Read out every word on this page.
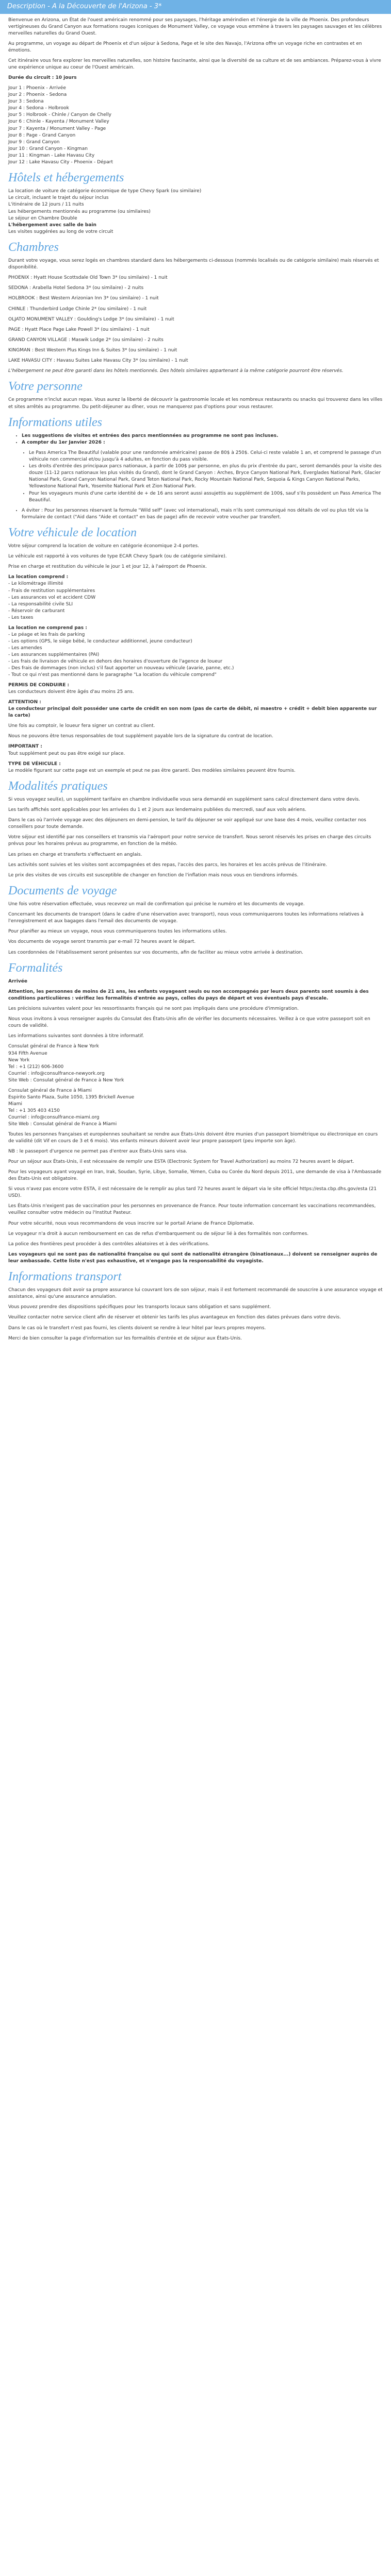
Description - A la Découverte de l'Arizona - 3*

Bienvenue en Arizona, un État de l'ouest américain renommé pour ses paysages, l'héritage amérindien et l'énergie de la ville de Phoenix. Des profondeurs vertigineuses du Grand Canyon aux formations rouges iconiques de Monument Valley, ce voyage vous emmène à travers les paysages sauvages et les célèbres merveilles naturelles du Grand Ouest.

Au programme, un voyage au départ de Phoenix et d'un séjour à Sedona, Page et le site des Navajo, l'Arizona offre un voyage riche en contrastes et en émotions.

Cet itinéraire vous fera explorer les merveilles naturelles, son histoire fascinante, ainsi que la diversité de sa culture et de ses ambiances. Préparez-vous à vivre une expérience unique au coeur de l'Ouest américain.

Durée du circuit : 10 jours

Jour 1 : Phoenix - Arrivée
Jour 2 : Phoenix - Sedona
Jour 3 : Sedona
Jour 4 : Sedona - Holbrook
Jour 5 : Holbrook - Chinle / Canyon de Chelly
Jour 6 : Chinle - Kayenta / Monument Valley
Jour 7 : Kayenta / Monument Valley - Page
Jour 8 : Page - Grand Canyon
Jour 9 : Grand Canyon
Jour 10 : Grand Canyon - Kingman
Jour 11 : Kingman - Lake Havasu City
Jour 12 : Lake Havasu City - Phoenix - Départ
Hôtels et hébergements
La location de voiture de catégorie économique de type Chevy Spark (ou similaire)
Le circuit, incluant le trajet du séjour inclus
L'itinéraire de 12 jours / 11 nuits
Les hébergements mentionnés au programme (ou similaires)
Le séjour en Chambre Double
L'hébergement avec salle de bain
Les visites suggérées au long de votre circuit
Chambres

Durant votre voyage, vous serez logés en chambres standard dans les hébergements ci-dessous (nommés localisés ou de catégorie similaire) mais réservés et disponibilité.

PHOENIX : Hyatt House Scottsdale Old Town 3* (ou similaire) - 1 nuit

SEDONA : Arabella Hotel Sedona 3* (ou similaire) - 2 nuits

HOLBROOK : Best Western Arizonian Inn 3* (ou similaire) - 1 nuit

CHINLE : Thunderbird Lodge Chinle 2* (ou similaire) - 1 nuit

OLJATO MONUMENT VALLEY : Goulding's Lodge 3* (ou similaire) - 1 nuit

PAGE : Hyatt Place Page Lake Powell 3* (ou similaire) - 1 nuit

GRAND CANYON VILLAGE : Maswik Lodge 2* (ou similaire) - 2 nuits

KINGMAN : Best Western Plus Kings Inn & Suites 3* (ou similaire) - 1 nuit

LAKE HAVASU CITY : Havasu Suites Lake Havasu City 3* (ou similaire) - 1 nuit

L'hébergement ne peut être garanti dans les hôtels mentionnés. Des hôtels similaires appartenant à la même catégorie pourront être réservés.

Votre personne

Ce programme n'inclut aucun repas. Vous aurez la liberté de découvrir la gastronomie locale et les nombreux restaurants ou snacks qui trouverez dans les villes et sites arrêtés au programme. Du petit-déjeuner au dîner, vous ne manquerez pas d'options pour vous restaurer.

Informations utiles
• Les suggestions de visites et entrées des parcs mentionnées au programme ne sont pas incluses.
• A compter du 1er Janvier 2026 :
• Le Pass America The Beautiful (valable pour une randonnée américaine) passe de 80$ à 250$. Celui-ci reste valable 1 an, et comprend le passage d'un véhicule non commercial et/ou jusqu'à 4 adultes, en fonction du pass visible.
• Les droits d'entrée des principaux parcs nationaux, à partir de 100$ par personne, en plus du prix d'entrée du parc, seront demandés pour la visite des douze (11-12 parcs nationaux les plus visités du Grand), dont le Grand Canyon : Arches, Bryce Canyon National Park, Everglades National Park, Glacier National Park, Grand Canyon National Park, Grand Teton National Park, Rocky Mountain National Park, Sequoia & Kings Canyon National Parks, Yellowstone National Park, Yosemite National Park et Zion National Park.
• Pour les voyageurs munis d'une carte identité de + de 16 ans seront aussi assujettis au supplément de 100$, sauf s'ils possèdent un Pass America The Beautiful.
• A éviter : Pour les personnes réservant la formule "Wild self" (avec vol international), mais n'ils sont communiqué nos détails de vol ou plus tôt via la formulaire de contact ("Aid dans "Aide et contact" en bas de page) afin de recevoir votre voucher par transfert.
Votre véhicule de location

Votre séjour comprend la location de voiture en catégorie économique 2-4 portes.

Le véhicule est rapporté à vos voitures de type ECAR Chevy Spark (ou de catégorie similaire).

Prise en charge et restitution du véhicule le jour 1 et jour 12, à l'aéroport de Phoenix.

La location comprend :
- Le kilométrage illimité
- Frais de restitution supplémentaires
- Les assurances vol et accident CDW
- La responsabilité civile SLI
- Réservoir de carburant
- Les taxes
La location ne comprend pas :
- Le péage et les frais de parking
- Les options (GPS, le siège bébé, le conducteur additionnel, jeune conducteur)
- Les amendes
- Les assurances supplémentaires (PAI)
- Les frais de livraison de véhicule en dehors des horaires d'ouverture de l'agence de loueur
- Des frais de dommages (non inclus) s'il faut apporter un nouveau véhicule (avarie, panne, etc.)
- Tout ce qui n'est pas mentionné dans le paragraphe "La location du véhicule comprend"
PERMIS DE CONDUIRE :

Les conducteurs doivent être âgés d'au moins 25 ans.

ATTENTION :

Le conducteur principal doit posséder une carte de crédit en son nom (pas de carte de débit, ni maestro + crédit + debit bien apparente sur la carte)

Une fois au comptoir, le loueur fera signer un contrat au client.

Nous ne pouvons être tenus responsables de tout supplément payable lors de la signature du contrat de location.

IMPORTANT :

Tout supplément peut ou pas être exigé sur place.

TYPE DE VÉHICULE :

Le modèle figurant sur cette page est un exemple et peut ne pas être garanti. Des modèles similaires peuvent être fournis.

Modalités pratiques

Si vous voyagez seul(e), un supplément tarifaire en chambre individuelle vous sera demandé en supplément sans calcul directement dans votre devis.

Les tarifs affichés sont applicables pour les arrivées du 1 et 2 jours aux lendemains publiées du mercredi, sauf aux vols aériens.

Dans le cas où l'arrivée voyage avec des déjeuners en demi-pension, le tarif du déjeuner se voir appliqué sur une base des 4 mois, veuillez contacter nos conseillers pour toute demande.

Votre séjour est identifié par nos conseillers et transmis via l'aéroport pour notre service de transfert. Nous seront réservés les prises en charge des circuits prévus pour les horaires prévus au programme, en fonction de la météo.

Les prises en charge et transferts s'effectuent en anglais.

Les activités sont suivies et les visites sont accompagnées et des repas, l'accès des parcs, les horaires et les accès prévus de l'itinéraire.

Le prix des visites de vos circuits est susceptible de changer en fonction de l'inflation mais nous vous en tiendrons informés.

Documents de voyage

Une fois votre réservation effectuée, vous recevrez un mail de confirmation qui précise le numéro et les documents de voyage.

Concernant les documents de transport (dans le cadre d'une réservation avec transport), nous vous communiquerons toutes les informations relatives à l'enregistrement et aux bagages dans l'email des documents de voyage.

Pour planifier au mieux un voyage, nous vous communiquerons toutes les informations utiles.

Vos documents de voyage seront transmis par e-mail 72 heures avant le départ.

Les coordonnées de l'établissement seront présentes sur vos documents, afin de faciliter au mieux votre arrivée à destination.

Formalités

Arrivée

Attention, les personnes de moins de 21 ans, les enfants voyageant seuls ou non accompagnés par leurs deux parents sont soumis à des conditions particulières : vérifiez les formalités d'entrée au pays, celles du pays de départ et vos éventuels pays d'escale.

Les précisions suivantes valent pour les ressortissants français qui ne sont pas impliqués dans une procédure d'immigration.

Nous vous invitons à vous renseigner auprès du Consulat des États-Unis afin de vérifier les documents nécessaires. Veillez à ce que votre passeport soit en cours de validité.

Les informations suivantes sont données à titre informatif.

Consulat général de France à New York
934 Fifth Avenue
New York
Tel : +1 (212) 606-3600
Courriel : info@consulfrance-newyork.org
Site Web : Consulat général de France à New York
Consulat général de France à Miami
Espirito Santo Plaza, Suite 1050, 1395 Brickell Avenue
Miami
Tel : +1 305 403 4150
Courriel : info@consulfrance-miami.org
Site Web : Consulat général de France à Miami

Toutes les personnes françaises et européennes souhaitant se rendre aux États-Unis doivent être munies d'un passeport biométrique ou électronique en cours de validité (dit Vif en cours de 3 et 6 mois). Vos enfants mineurs doivent avoir leur propre passeport (peu importe son âge).

NB : le passeport d'urgence ne permet pas d'entrer aux États-Unis sans visa.

Pour un séjour aux États-Unis, il est nécessaire de remplir une ESTA (Electronic System for Travel Authorization) au moins 72 heures avant le départ.

Pour les voyageurs ayant voyagé en Iran, Irak, Soudan, Syrie, Libye, Somalie, Yémen, Cuba ou Corée du Nord depuis 2011, une demande de visa à l'Ambassade des États-Unis est obligatoire.

Si vous n'avez pas encore votre ESTA, il est nécessaire de le remplir au plus tard 72 heures avant le départ via le site officiel https://esta.cbp.dhs.gov/esta (21 USD).

Les États-Unis n'exigent pas de vaccination pour les personnes en provenance de France. Pour toute information concernant les vaccinations recommandées, veuillez consulter votre médecin ou l'Institut Pasteur.

Pour votre sécurité, nous vous recommandons de vous inscrire sur le portail Ariane de France Diplomatie.

Le voyageur n'a droit à aucun remboursement en cas de refus d'embarquement ou de séjour lié à des formalités non conformes.

La police des frontières peut procéder à des contrôles aléatoires et à des vérifications.

Les voyageurs qui ne sont pas de nationalité française ou qui sont de nationalité étrangère (binationaux...) doivent se renseigner auprès de leur ambassade. Cette liste n'est pas exhaustive, et n'engage pas la responsabilité du voyagiste.

Informations transport

Chacun des voyageurs doit avoir sa propre assurance lui couvrant lors de son séjour, mais il est fortement recommandé de souscrire à une assurance voyage et assistance, ainsi qu'une assurance annulation.

Vous pouvez prendre des dispositions spécifiques pour les transports locaux sans obligation et sans supplément.

Veuillez contacter notre service client afin de réserver et obtenir les tarifs les plus avantageux en fonction des dates prévues dans votre devis.

Dans le cas où le transfert n'est pas fourni, les clients doivent se rendre à leur hôtel par leurs propres moyens.

Merci de bien consulter la page d'information sur les formalités d'entrée et de séjour aux États-Unis.
